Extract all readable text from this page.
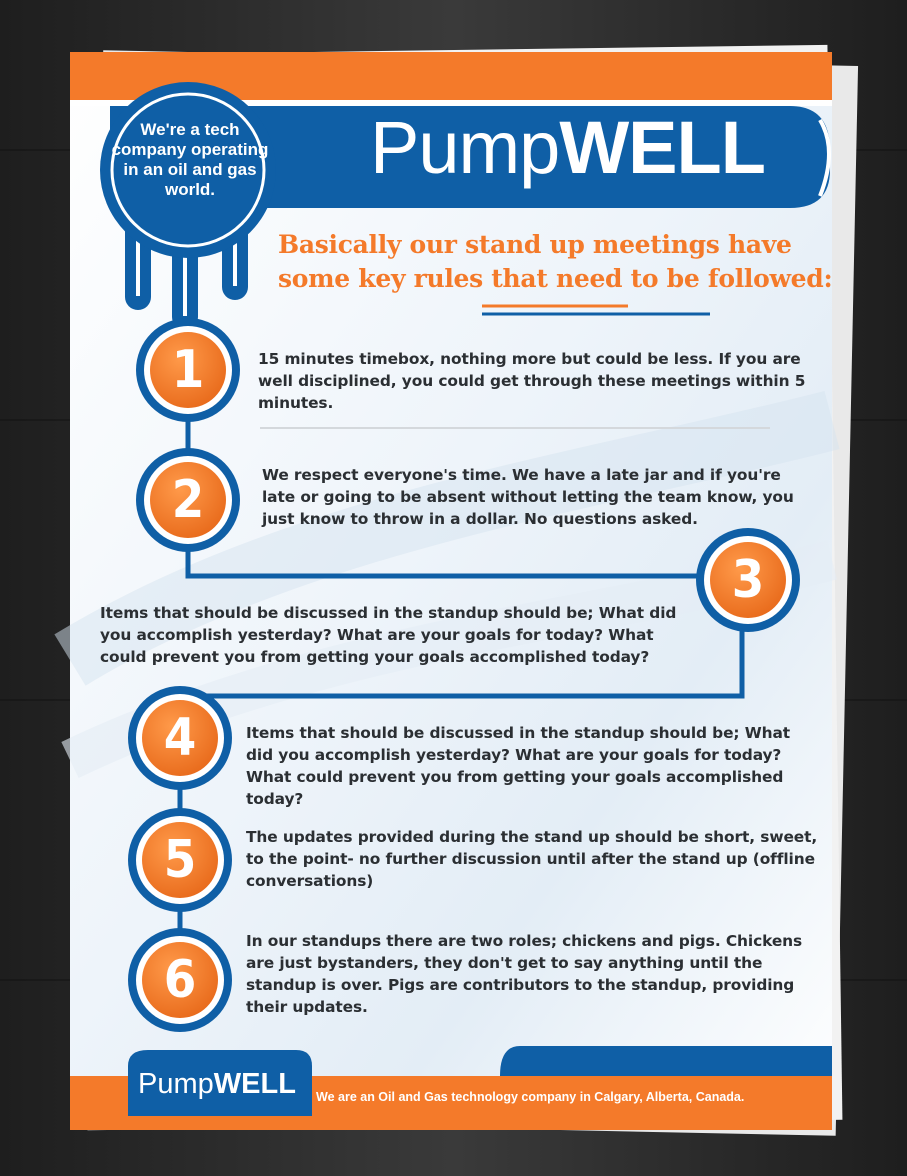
We're a tech company operating in an oil and gas world.
PumpWELL
Basically our stand up meetings have some key rules that need to be followed:
1
2
3
4
5
6
15 minutes timebox, nothing more but could be less. If you are well disciplined, you could get through these meetings within 5 minutes.
We respect everyone's time. We have a late jar and if you're late or going to be absent without letting the team know, you just know to throw in a dollar. No questions asked.
Items that should be discussed in the standup should be; What did you accomplish yesterday? What are your goals for today? What could prevent you from getting your goals accomplished today?
Items that should be discussed in the standup should be; What did you accomplish yesterday? What are your goals for today? What could prevent you from getting your goals accomplished today?
The updates provided during the stand up should be short, sweet, to the point- no further discussion until after the stand up (offline conversations)
In our standups there are two roles; chickens and pigs. Chickens are just bystanders, they don't get to say anything until the standup is over. Pigs are contributors to the standup, providing their updates.
PumpWELL	We are an Oil and Gas technology company in Calgary, Alberta, Canada.
